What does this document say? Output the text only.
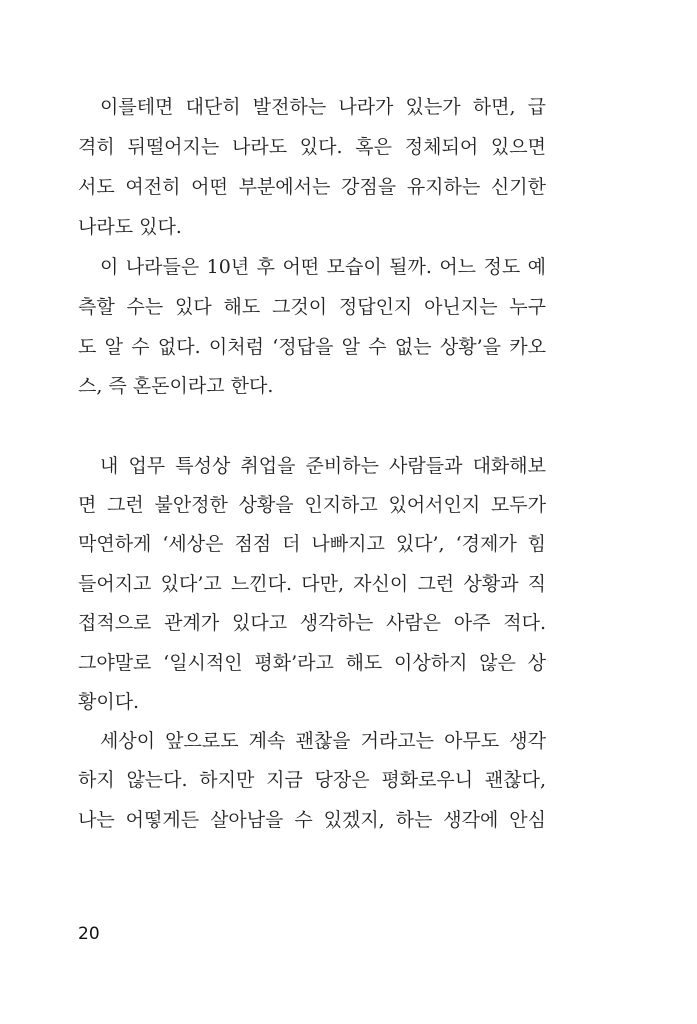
이를테면 대단히 발전하는 나라가 있는가 하면, 급
격히 뒤떨어지는 나라도 있다. 혹은 정체되어 있으면
서도 여전히 어떤 부분에서는 강점을 유지하는 신기한
나라도 있다.
이 나라들은 10년 후 어떤 모습이 될까. 어느 정도 예
측할 수는 있다 해도 그것이 정답인지 아닌지는 누구
도 알 수 없다. 이처럼 ‘정답을 알 수 없는 상황’을 카오
스, 즉 혼돈이라고 한다.
내 업무 특성상 취업을 준비하는 사람들과 대화해보
면 그런 불안정한 상황을 인지하고 있어서인지 모두가
막연하게 ‘세상은 점점 더 나빠지고 있다’, ‘경제가 힘
들어지고 있다’고 느낀다. 다만, 자신이 그런 상황과 직
접적으로 관계가 있다고 생각하는 사람은 아주 적다.
그야말로 ‘일시적인 평화’라고 해도 이상하지 않은 상
황이다.
세상이 앞으로도 계속 괜찮을 거라고는 아무도 생각
하지 않는다. 하지만 지금 당장은 평화로우니 괜찮다,
나는 어떻게든 살아남을 수 있겠지, 하는 생각에 안심
20
